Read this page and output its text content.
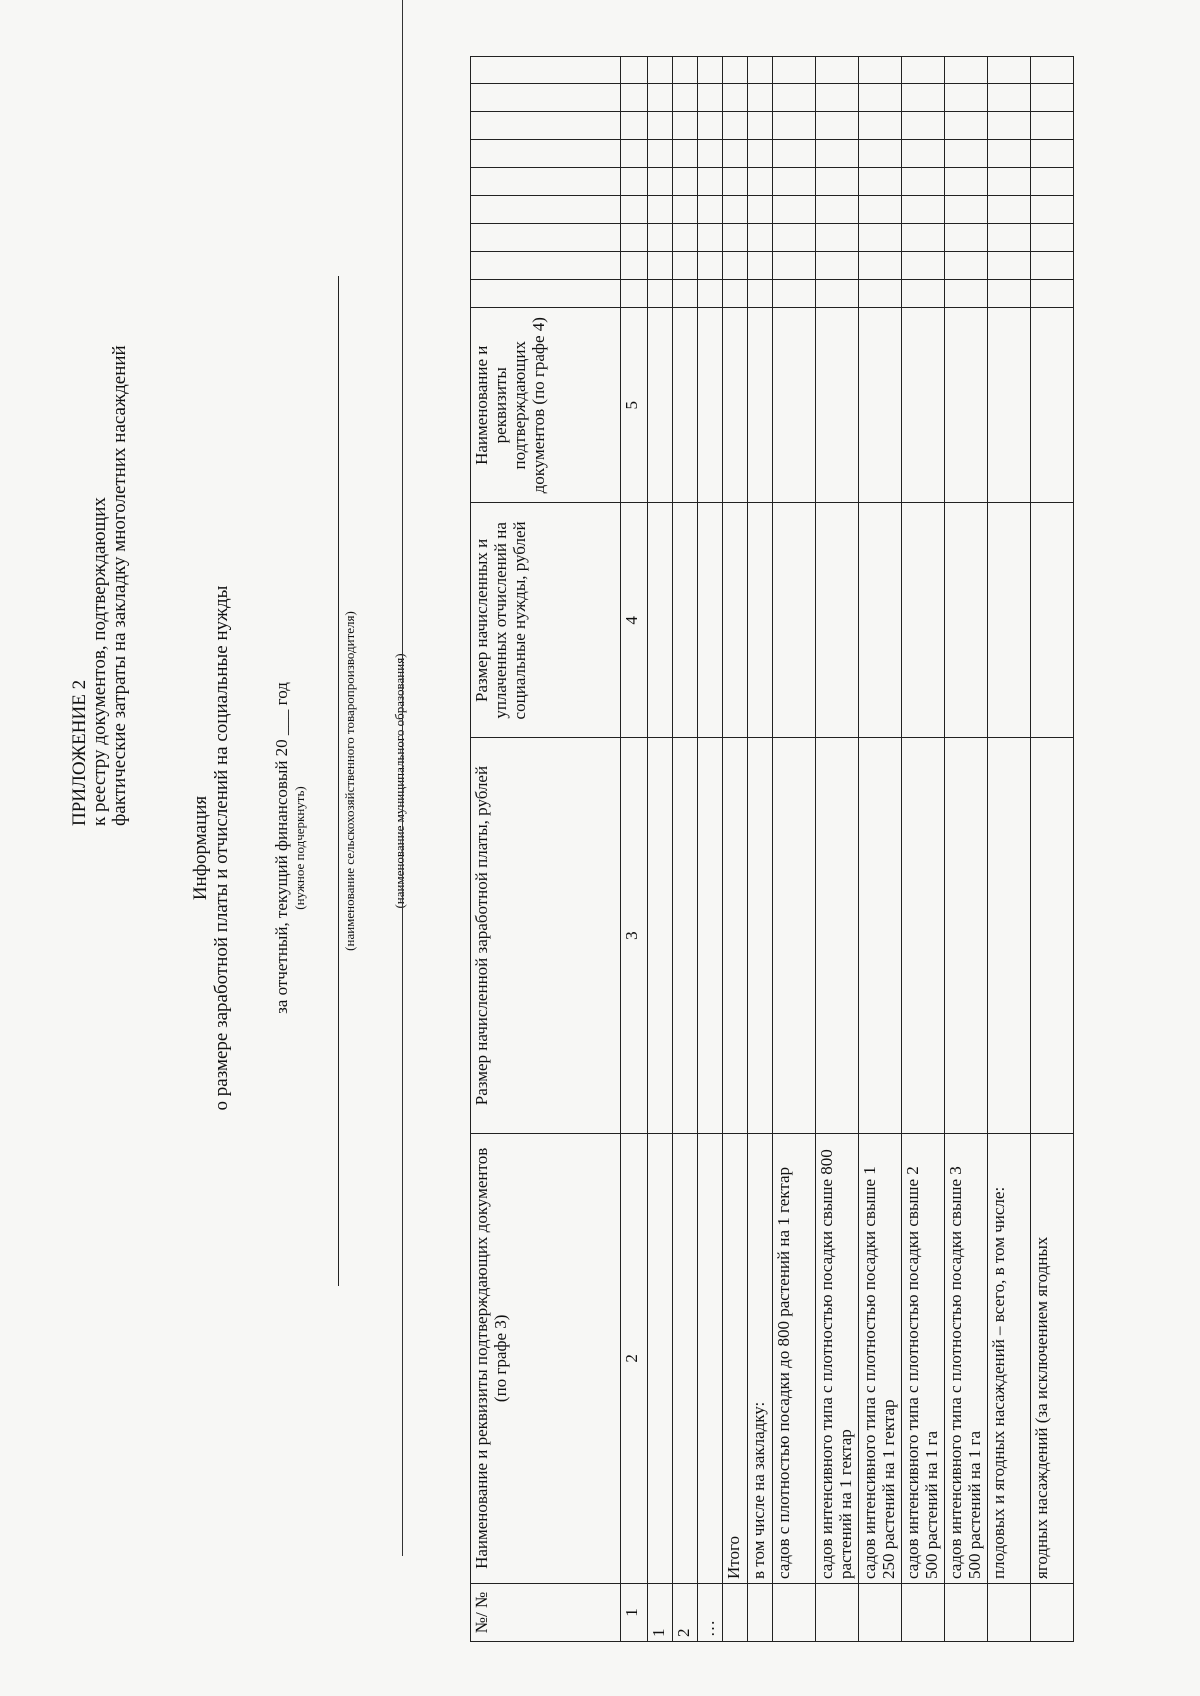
ПРИЛОЖЕНИЕ 2 к реестру документов, подтверждающих фактические затраты на закладку многолетних насаждений
Информация о размере заработной платы и отчислений на социальные нужды за отчетный, текущий финансовый 20 ___ год (нужное подчеркнуть)	(наименование сельскохозяйственного товаропроизводителя)	(наименование муниципального образования)
№/ №	Наименование и реквизиты подтверждающих документов (по графе 3)	Размер начисленной заработной платы, рублей	Размер начисленных и уплаченных отчислений на социальные нужды, рублей	Наименование и реквизиты подтверждающих документов (по графе 4)									
1	2	3	4	5									
1													
2													
…													
	Итого												
	в том числе на закладку:												
	садов с плотностью посадки до 800 растений на 1 гектар												
	садов интенсивного типа с плотностью посадки свыше 800 растений на 1 гектар												
	садов интенсивного типа с плотностью посадки свыше 1 250 растений на 1 гектар												
	садов интенсивного типа с плотностью посадки свыше 2 500 растений на 1 га												
	садов интенсивного типа с плотностью посадки свыше 3 500 растений на 1 га												
	плодовых и ягодных насаждений – всего, в том числе:												
	ягодных насаждений (за исключением ягодных												
